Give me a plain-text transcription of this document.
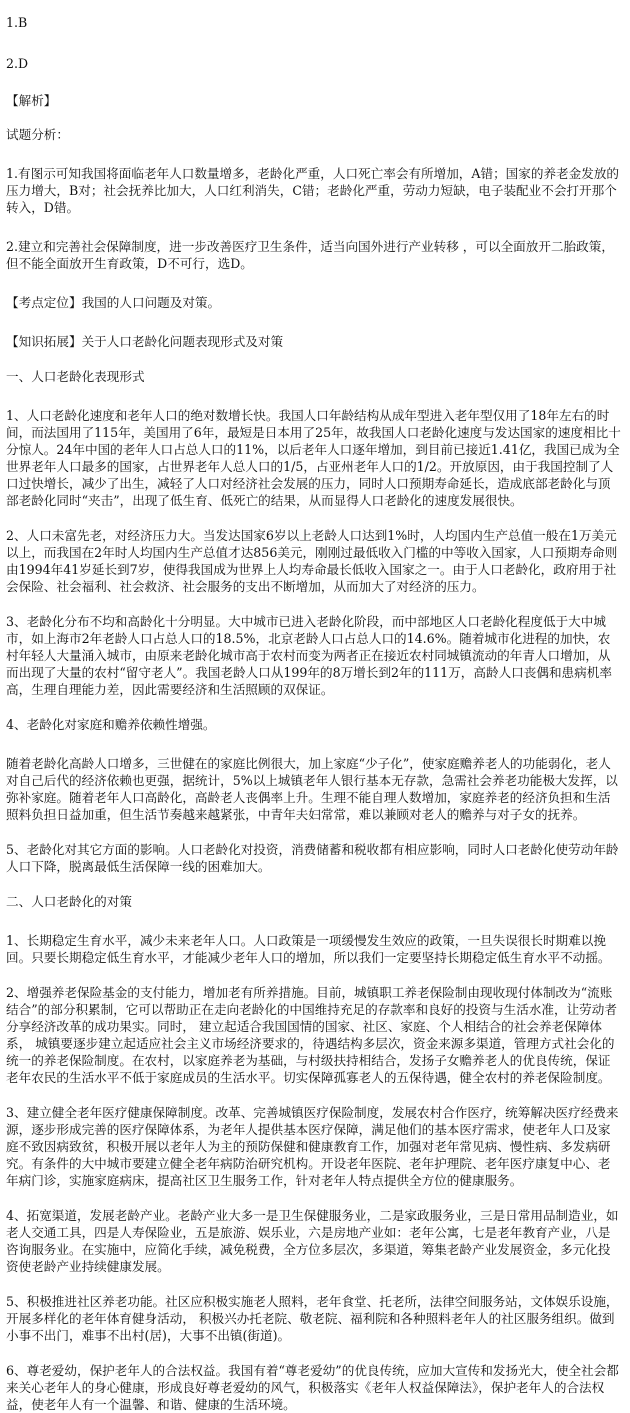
1.B

2.D

【解析】

试题分析：

1.有图示可知我国将面临老年人口数量增多，老龄化严重，人口死亡率会有所增加，A错；国家的养老金发放的压力增大，B对；社会抚养比加大，人口红利消失，C错；老龄化严重，劳动力短缺，电子装配业不会打开那个转入，D错。

2.建立和完善社会保障制度，进一步改善医疗卫生条件，适当向国外进行产业转移 ，可以全面放开二胎政策，但不能全面放开生育政策，D不可行，选D。

【考点定位】我国的人口问题及对策。

【知识拓展】关于人口老龄化问题表现形式及对策

一、人口老龄化表现形式

1、人口老龄化速度和老年人口的绝对数增长快。我国人口年龄结构从成年型进入老年型仅用了18年左右的时间，而法国用了115年，美国用了6年，最短是日本用了25年，故我国人口老龄化速度与发达国家的速度相比十分惊人。24年中国的老年人口占总人口的11%，以后老年人口逐年增加，到目前已接近1.41亿，我国已成为全世界老年人口最多的国家，占世界老年人总人口的1/5，占亚州老年人口的1/2。开放原因，由于我国控制了人口过快增长，减少了出生，减轻了人口对经济社会发展的压力，同时人口预期寿命延长，造成底部老龄化与顶部老龄化同时“夹击”，出现了低生育、低死亡的结果，从而显得人口老龄化的速度发展很快。

2、人口未富先老，对经济压力大。当发达国家6岁以上老龄人口达到1%时，人均国内生产总值一般在1万美元以上，而我国在2年时人均国内生产总值才达856美元，刚刚过最低收入门槛的中等收入国家，人口预期寿命则由1994年41岁延长到7岁，使得我国成为世界上人均寿命最长低收入国家之一。由于人口老龄化，政府用于社会保险、社会福利、社会救济、社会服务的支出不断增加，从而加大了对经济的压力。

3、老龄化分布不均和高龄化十分明显。大中城市已进入老龄化阶段，而中部地区人口老龄化程度低于大中城市，如上海市2年老龄人口占总人口的18.5%，北京老龄人口占总人口的14.6%。随着城市化进程的加快，农村年轻人大量涌入城市，由原来老龄化城市高于农村而变为两者正在接近农村同城镇流动的年青人口增加，从而出现了大量的农村“留守老人”。我国老龄人口从199年的8万增长到2年的111万，高龄人口丧偶和患病机率高，生理自理能力差，因此需要经济和生活照顾的双保证。

4、老龄化对家庭和赡养依赖性增强。

随着老龄化高龄人口增多，三世健在的家庭比例很大，加上家庭“少子化”，使家庭赡养老人的功能弱化，老人对自己后代的经济依赖也更强，据统计，5%以上城镇老年人银行基本无存款，急需社会养老功能极大发挥，以弥补家庭。随着老年人口高龄化，高龄老人丧偶率上升。生理不能自理人数增加，家庭养老的经济负担和生活照料负担日益加重，但生活节奏越来越紧张，中青年夫妇常常，难以兼顾对老人的赡养与对子女的抚养。

5、老龄化对其它方面的影响。人口老龄化对投资，消费储蓄和税收都有相应影响，同时人口老龄化使劳动年龄人口下降，脱离最低生活保障一线的困难加大。

二、人口老龄化的对策

1、长期稳定生育水平，减少未来老年人口。人口政策是一项缓慢发生效应的政策，一旦失误很长时期难以挽回。只要长期稳定低生育水平，才能减少老年人口的增加，所以我们一定要坚持长期稳定低生育水平不动摇。

2、增强养老保险基金的支付能力，增加老有所养措施。目前，城镇职工养老保险制由现收现付体制改为“流账结合”的部分积累制，它可以帮助正在走向老龄化的中国维持充足的存款率和良好的投资与生活水准，让劳动者分享经济改革的成功果实。同时， 建立起适合我国国情的国家、社区、家庭、个人相结合的社会养老保障体系， 城镇要逐步建立起适应社会主义市场经济要求的，待遇结构多层次，资金来源多渠道，管理方式社会化的统一的养老保险制度。在农村，以家庭养老为基础，与村级扶持相结合，发扬子女赡养老人的优良传统，保证老年农民的生活水平不低于家庭成员的生活水平。切实保障孤寡老人的五保待遇，健全农村的养老保险制度。

3、建立健全老年医疗健康保障制度。改革、完善城镇医疗保险制度，发展农村合作医疗，统筹解决医疗经费来源，逐步形成完善的医疗保障体系，为老年人提供基本医疗保障，满足他们的基本医疗需求，使老年人口及家庭不致因病致贫，积极开展以老年人为主的预防保健和健康教育工作，加强对老年常见病、慢性病、多发病研究。有条件的大中城市要建立健全老年病防治研究机构。开设老年医院、老年护理院、老年医疗康复中心、老年病门诊，实施家庭病床，提高社区卫生服务工作，针对老年人特点提供全方位的健康服务。

4、拓宽渠道，发展老龄产业。老龄产业大多一是卫生保健服务业，二是家政服务业，三是日常用品制造业，如老人交通工具，四是人寿保险业，五是旅游、娱乐业，六是房地产业如：老年公寓，七是老年教育产业，八是咨询服务业。在实施中，应简化手续，减免税费，全方位多层次，多渠道，筹集老龄产业发展资金，多元化投资使老龄产业持续健康发展。

5、积极推进社区养老功能。社区应积极实施老人照料，老年食堂、托老所，法律空间服务站，文体娱乐设施，开展多样化的老年体育健身活动， 积极兴办托老院、敬老院、福利院和各种照料老年人的社区服务组织。做到小事不出门，难事不出村(居)，大事不出镇(街道)。

6、尊老爱幼，保护老年人的合法权益。我国有着“尊老爱幼”的优良传统，应加大宣传和发扬光大，使全社会都来关心老年人的身心健康，形成良好尊老爱幼的风气，积极落实《老年人权益保障法》，保护老年人的合法权益，使老年人有一个温馨、和谐、健康的生活环境。
